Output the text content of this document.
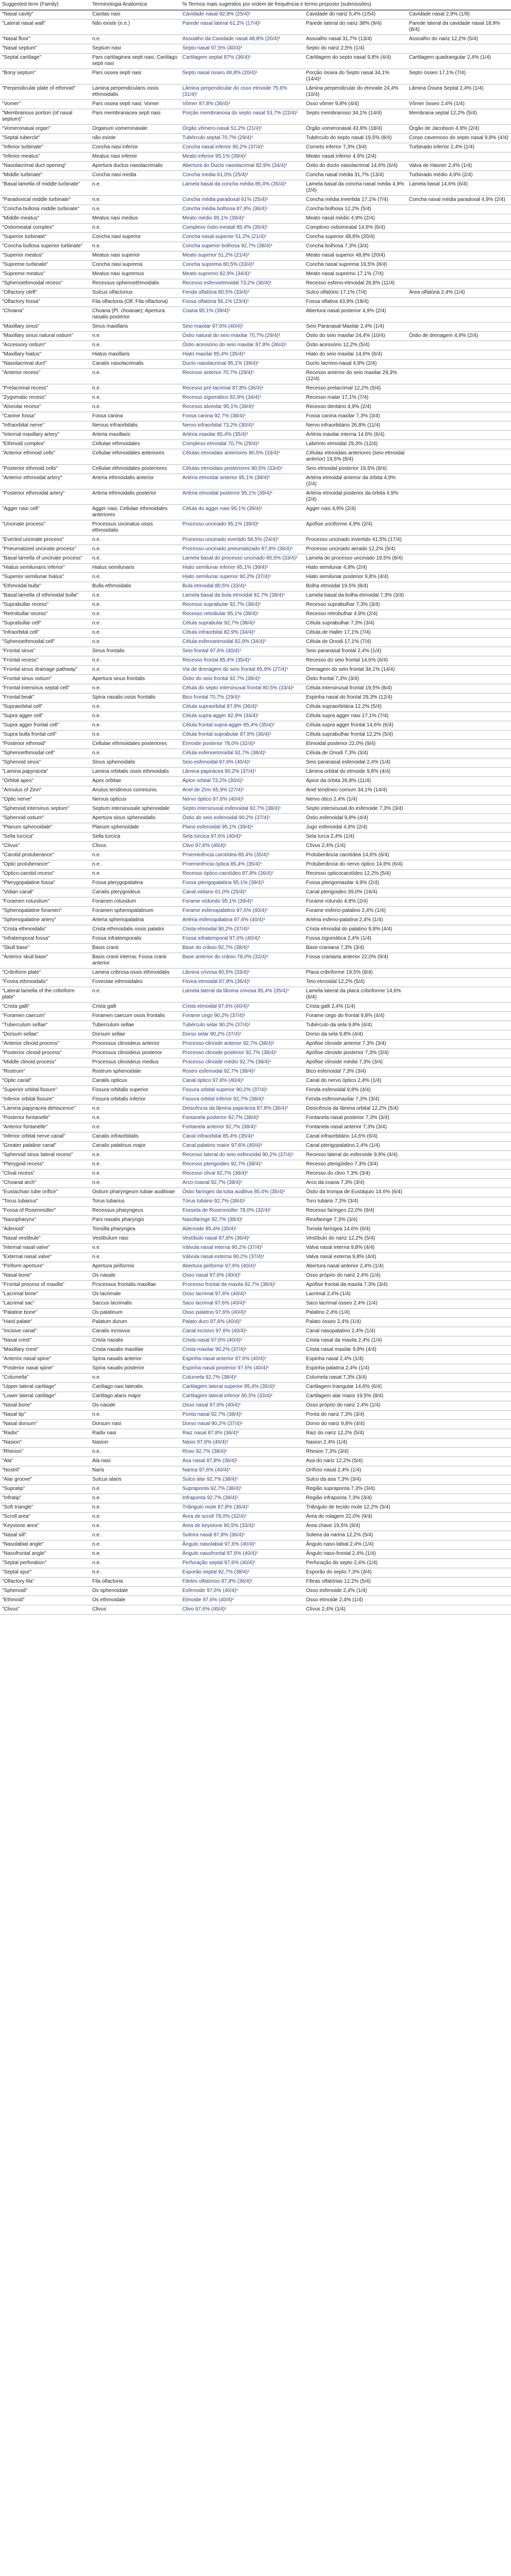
Suggested term (Family)	Terminologia Anatomica	% Termos mais sugeridos por ordem de frequência e termo proposto (submissões)		
"Nasal cavity"	Cavitas nasi	Cavidade nasal 92,9% (25/4)¹	Cavidade do nariz 5,4% (1/54)	Cavidade nasal 2,9% (1/8)
"Lateral nasal wall"	Não existe (n.e.)	Parede nasal lateral 61,2% (17/4)¹	Parede lateral do nariz 38% (9/4)	Parede lateral da cavidade nasal 18,9% (8/4)
"Nasal floor"	n.e.	Assoalho da Cavidade nasal 48,8% (20/4)¹	Assoalho nasal 31,7% (13/4)	Assoalho do nariz 12,2% (5/4)
"Nasal septum"	Septum nasi	Septo nasal 97,5% (40/4)¹	Septo do nariz 2,5% (1/4)	
"Septal cartilage"	Pars cartilaginea septi nasi; Cartilago septi nasi	Cartilagem septal 87% (36/4)¹	Cartilagem do septo nasal 9,8% (4/4)	Cartilagem quadrangular 2,4% (1/4)
"Bony septum"	Pars ossea septi nasi	Septo nasal ósseo 48,8% (20/4)¹	Porção óssea do Septo nasal 34,1% (14/4)¹	Septo ósseo 17,1% (7/4)
"Perpendicular plate of ethmoid"	Lamina perpendicularis ossis ethmoidalis	Lâmina perpendicular do osso etmoide 75,6% (31/4)¹	Lâmina perpendicular do etmoide 24,4% (10/4)	Lâmina Óssea Septal 2,4% (1/4)
"Vomer"	Pars ossea septi nasi; Vomer	Vômer 87,8% (36/4)¹	Osso vômer 9,8% (4/4)	Vômer ósseo 2,4% (1/4)
"Membranous portion (of nasal septum)"	Pars membranacea septi nasi	Porção membranosa do septo nasal 53,7% (22/4)¹	Septo membranoso 34,1% (14/4)	Membrana septal 12,2% (5/4)
"Vomeronasal organ"	Organum vomeronasale	Órgão vômero-nasal 51,2% (21/4)¹	Órgão vomeronasal 43,9% (18/4)	Órgão de Jacobson 4,9% (2/4)
"Septal tubercle"	não existe	Tubérculo septal 70,7% (29/4)¹	Tubérculo do septo nasal 19,5% (8/4)	Corpo cavernoso do septo nasal 9,8% (4/4)
"Inferior turbinate"	Concha nasi inferior	Concha nasal inferior 90,2% (37/4)¹	Corneto inferior 7,3% (3/4)	Turbinado inferior 2,4% (1/4)
"Inferior meatus"	Meatus nasi inferior	Meato inferior 95,1% (39/4)¹	Meato nasal inferior 4,9% (2/4)	
"Nasolacrimal duct opening"	Apertura ductus nasolacrimalis	Abertura do Ducto nasolacrimal 82,9% (34/4)¹	Óstio do ducto nasolacrimal 14,6% (6/4)	Valva de Hasner 2,4% (1/4)
"Middle turbinate"	Concha nasi media	Concha media 61,0% (25/4)¹	Concha nasal média 31,7% (13/4)	Turbinado médio 4,9% (2/4)
"Basal lamella of middle turbinate"	n.e.	Lamela basal da concha média 85,4% (35/4)¹	Lamela basal da concha nasal média 4,9% (2/4)	Lamela basal 14,6% (6/4)
"Paradoxical middle turbinate"	n.e.	Concha média paradoxal 61% (25/4)¹	Concha média invertida 17,1% (7/4)	Concha nasal média paradoxal 4,9% (2/4)
"Concha bullosa middle turbinate"	n.e.	Concha média bolhosa 87,8% (36/4)¹	Concha bolhosa 12,2% (5/4)	
"Middle meatus"	Meatus nasi medius	Meato médio 95,1% (39/4)¹	Meato nasal médio 4,9% (2/4)	
"Ostiomeatal complex"	n.e.	Complexo óstio-meatal 85,4% (35/4)¹	Complexo ostiomeatal 14,6% (6/4)	
"Superior turbinate"	Concha nasi superior	Concha nasal superior 51,2% (21/4)¹	Concha superior 48,8% (20/4)	
"Concha bullosa superior turbinate"	n.e.	Concha superior bolhosa 92,7% (38/4)¹	Concha bolhosa 7,3% (3/4)	
"Superior meatus"	Meatus nasi superior	Meato superior 51,2% (21/4)¹	Meato nasal superior 48,8% (20/4)	
"Supreme turbinate"	Concha nasi suprema	Concha suprema 80,5% (33/4)¹	Concha nasal suprema 19,5% (8/4)	
"Supreme meatus"	Meatus nasi supremus	Meato supremo 82,9% (34/4)¹	Meato nasal supremo 17,1% (7/4)	
"Sphenoethmoidal recess"	Recessus sphenoethmoidalis	Recesso esfenoetmoidal 73,2% (30/4)¹	Recesso esfeno-etmoidal 26,8% (11/4)	
"Olfactory cleft"	Sulcus olfactorius	Fenda olfatória 80,5% (33/4)¹	Sulco olfatório 17,1% (7/4)	Área olfatória 2,4% (1/4)
"Olfactory fossa"	Fila olfactoria (Olf. Fila olfactoria)	Fossa olfatória 56,1% (23/4)¹	Fossa olfativa 43,9% (18/4)	
"Choana"	Choana (Pl. choanae); Apertura nasalis posterior	Coana 95,1% (39/4)¹	Abertura nasal posterior 4,9% (2/4)	
"Maxillary sinus"	Sinus maxillaris	Seio maxilar 97,6% (40/4)¹	Seio Paranasal Maxilar 2,4% (1/4)	
"Maxillary sinus natural ostium"	n.e.	Óstio natural do seio maxilar 70,7% (29/4)¹	Óstio do seio maxilar 24,4% (10/4)	Óstio de drenagem 4,9% (2/4)
"Accessory ostium"	n.e.	Óstio acessório do seio maxilar 87,8% (36/4)¹	Óstio acessório 12,2% (5/4)	
"Maxillary hiatus"	Hiatus maxillaris	Hiato maxilar 85,4% (35/4)¹	Hiato do seio maxilar 14,6% (6/4)	
"Nasolacrimal duct"	Canalis nasolacrimalis	Ducto nasolacrimal 95,1% (39/4)¹	Ducto lacrimo-nasal 4,9% (2/4)	
"Anterior recess"	n.e.	Recesso anterior 70,7% (29/4)¹	Recesso anterior do seio maxilar 29,3% (12/4)	
"Prelacrimal recess"	n.e.	Recesso pré-lacrimal 87,8% (36/4)¹	Recesso prelacrimal 12,2% (5/4)	
"Zygomatic recess"	n.e.	Recesso zigomático 82,9% (34/4)¹	Recesso malar 17,1% (7/4)	
"Alveolar recess"	n.e.	Recesso alveolar 95,1% (39/4)¹	Recesso dentário 4,9% (2/4)	
"Canine fossa"	Fossa canina	Fossa canina 92,7% (38/4)¹	Fossa canina maxilar 7,3% (3/4)	
"Infraorbital nerve"	Nervus infraorbitalis	Nervo infraorbital 73,2% (30/4)¹	Nervo infraorbitário 26,8% (11/4)	
"Internal maxillary artery"	Arteria maxillaris	Artéria maxilar 85,4% (35/4)¹	Artéria maxilar interna 14,6% (6/4)	
"Ethmoid complex"	Cellulae ethmoidales	Complexo etmoidal 70,7% (29/4)¹	Labirinto etmoidal 29,3% (12/4)	
"Anterior ethmoid cells"	Cellulae ethmoidales anteriores	Células etmoidais anteriores 80,5% (33/4)¹	Células etmoidais anteriores (seio etmoidal anterior) 19,5% (8/4)	
"Posterior ethmoid cells"	Cellulae ethmoidales posteriores	Células etmoidais posteriores 80,5% (33/4)¹	Seio etmoidal posterior 19,5% (8/4)	
"Anterior ethmoidal artery"	Arteria ethmoidalis anterior	Artéria etmoidal anterior 95,1% (39/4)¹	Artéria etmoidal anterior da órbita 4,9% (2/4)	
"Posterior ethmoidal artery"	Arteria ethmoidalis posterior	Artéria etmoidal posterior 95,1% (39/4)¹	Artéria etmoidal posterior da órbita 4,9% (2/4)	
"Agger nasi cell"	Agger nasi; Cellulae ethmoidales anteriores	Célula do agger nasi 95,1% (39/4)¹	Agger nasi 4,9% (2/4)	
"Uncinate process"	Processus uncinatus ossis ethmoidalis	Processo uncinado 95,1% (39/4)¹	Apófise unciforme 4,9% (2/4)	
"Everted uncinate process"	n.e.	Processo uncinado evertido 58,5% (24/4)¹	Processo uncinado invertido 41,5% (17/4)	
"Pneumatized uncinate process"	n.e.	Processo uncinado pneumatizado 87,8% (36/4)¹	Processo uncinado aerado 12,2% (5/4)	
"Basal lamella of uncinate process"	n.e.	Lamela basal do processo uncinado 80,5% (33/4)¹	Lamela do processo uncinado 19,5% (8/4)	
"Hiatus semilunaris inferior"	Hiatus semilunaris	Hiato semilunar inferior 95,1% (39/4)¹	Hiato semilunar 4,9% (2/4)	
"Superior semilunar hiatus"	n.e.	Hiato semilunar superior 90,2% (37/4)¹	Hiato semilunar posterior 9,8% (4/4)	
"Ethmoidal bulla"	Bulla ethmoidalis	Bula etmoidal 80,5% (33/4)¹	Bolha etmoidal 19,5% (8/4)	
"Basal lamella of ethmoidal bulla"	n.e.	Lamela basal da bula etmoidal 92,7% (38/4)¹	Lamela basal da bolha etmoidal 7,3% (3/4)	
"Suprabullar recess"	n.e.	Recesso suprabular 92,7% (38/4)¹	Recesso suprabulhar 7,3% (3/4)	
"Retrobullar recess"	n.e.	Recesso retrobular 95,1% (39/4)¹	Recesso retrobulhar 4,9% (2/4)	
"Suprabullar cell"	n.e.	Célula suprabular 92,7% (38/4)¹	Célula suprabulhar 7,3% (3/4)	
"Infraorbital cell"	n.e.	Célula infraorbital 82,9% (34/4)¹	Célula de Haller 17,1% (7/4)	
"Sphenoethmoidal cell"	n.e.	Célula esfenoetmoidal 82,9% (34/4)¹	Célula de Onodi 17,1% (7/4)	
"Frontal sinus"	Sinus frontalis	Seio frontal 97,6% (40/4)¹	Seio paranasal frontal 2,4% (1/4)	
"Frontal recess"	n.e.	Recesso frontal 85,4% (35/4)¹	Recesso do seio frontal 14,6% (6/4)	
"Frontal sinus drainage pathway"	n.e.	Via de drenagem do seio frontal 65,9% (27/4)¹	Drenagem do seio frontal 34,1% (14/4)	
"Frontal sinus ostium"	Apertura sinus frontalis	Óstio do seio frontal 92,7% (38/4)¹	Óstio frontal 7,3% (3/4)	
"Frontal intersinus septal cell"	n.e.	Célula do septo intersinusal frontal 80,5% (33/4)¹	Célula intersinusal frontal 19,5% (8/4)	
"Frontal beak"	Spina nasalis ossis frontalis	Bico frontal 70,7% (29/4)¹	Espinha nasal do frontal 29,3% (12/4)	
"Supraorbital cell"	n.e.	Célula supraorbital 87,8% (36/4)¹	Célula supraorbitária 12,2% (5/4)	
"Supra agger cell"	n.e.	Célula supra-agger 82,9% (34/4)¹	Célula supra agger nasi 17,1% (7/4)	
"Supra agger frontal cell"	n.e.	Célula frontal supra-agger 85,4% (35/4)¹	Célula supra agger frontal 14,6% (6/4)	
"Supra bulla frontal cell"	n.e.	Célula frontal suprabular 87,8% (36/4)¹	Célula suprabulhar frontal 12,2% (5/4)	
"Posterior ethmoid"	Cellulae ethmoidales posteriores	Etmoide posterior 78,0% (32/4)¹	Etmoidal posterior 22,0% (9/4)	
"Sphenoethmoidal cell"	n.e.	Célula esfenoetmoidal 92,7% (38/4)¹	Célula de Onodi 7,3% (3/4)	
"Sphenoid sinus"	Sinus sphenoidalis	Seio esfenoidal 97,6% (40/4)¹	Seio paranasal esfenoidal 2,4% (1/4)	
"Lamina papyracea"	Lamina orbitalis ossis ethmoidalis	Lâmina papirácea 90,2% (37/4)¹	Lâmina orbital do etmoide 9,8% (4/4)	
"Orbital apex"	Apex orbitae	Ápice orbital 73,2% (30/4)¹	Ápice da órbita 26,8% (11/4)	
"Annulus of Zinn"	Anulus tendineus communis	Anel de Zinn 65,9% (27/4)¹	Anel tendíneo comum 34,1% (14/4)	
"Optic nerve"	Nervus opticus	Nervo óptico 97,6% (40/4)¹	Nervo ótico 2,4% (1/4)	
"Sphenoid intersinus septum"	Septum intersinusale sphenoidale	Septo intersinusal esfenoidal 92,7% (38/4)¹	Septo intersinusal do esfenoide 7,3% (3/4)	
"Sphenoid ostium"	Apertura sinus sphenoidalis	Óstio do seio esfenoidal 90,2% (37/4)¹	Óstio esfenoidal 9,8% (4/4)	
"Planum sphenoidale"	Planum sphenoidale	Plano esfenoidal 95,1% (39/4)¹	Jugo esfenoidal 4,9% (2/4)	
"Sella turcica"	Sella turcica	Sela túrcica 97,6% (40/4)¹	Sela turca 2,4% (1/4)	
"Clivus"	Clivus	Clivo 97,6% (40/4)¹	Clívus 2,4% (1/4)	
"Carotid protuberance"	n.e.	Proeminência carotídea 85,4% (35/4)¹	Protuberância carotídea 14,6% (6/4)	
"Optic protuberance"	n.e.	Proeminência óptica 85,4% (35/4)¹	Protuberância do nervo óptico 14,6% (6/4)	
"Optico-carotid recess"	n.e.	Recesso óptico-carotídeo 87,8% (36/4)¹	Recesso opticocarotídeo 12,2% (5/4)	
"Pterygopalatine fossa"	Fossa pterygopalatina	Fossa pterigopalatina 95,1% (39/4)¹	Fossa pterigomaxilar 4,9% (2/4)	
"Vidian canal"	Canalis pterygoideus	Canal vidiano 61,0% (25/4)¹	Canal pterigoideo 39,0% (16/4)	
"Foramen rotundum"	Foramen rotundum	Forame redondo 95,1% (39/4)¹	Forame rotundo 4,9% (2/4)	
"Sphenopalatine foramen"	Foramen sphenopalatinum	Forame esfenopalatino 97,6% (40/4)¹	Forame esfeno-palatino 2,4% (1/4)	
"Sphenopalatine artery"	Arteria sphenopalatina	Artéria esfenopalatina 97,6% (40/4)¹	Artéria esfeno-palatina 2,4% (1/4)	
"Crista ethmoidalis"	Crista ethmoidalis ossis palatini	Crista etmoidal 90,2% (37/4)¹	Crista etmoidal do palatino 9,8% (4/4)	
"Infratemporal fossa"	Fossa infratemporalis	Fossa infratemporal 97,6% (40/4)¹	Fossa zigomática 2,4% (1/4)	
"Skull base"	Basis cranii	Base do crânio 92,7% (38/4)¹	Base craniana 7,3% (3/4)	
"Anterior skull base"	Basis cranii interna; Fossa cranii anterior	Base anterior do crânio 78,0% (32/4)¹	Fossa craniana anterior 22,0% (9/4)	
"Cribriform plate"	Lamina cribrosa ossis ethmoidalis	Lâmina crivosa 80,5% (33/4)¹	Placa cribriforme 19,5% (8/4)	
"Fovea ethmoidalis"	Foveolae ethmoidales	Fóvea etmoidal 87,8% (36/4)¹	Teto etmoidal 12,2% (5/4)	
"Lateral lamella of the cribriform plate"	n.e.	Lamela lateral da lâmina crivosa 85,4% (35/4)¹	Lamela lateral da placa cribriforme 14,6% (6/4)	
"Crista galli"	Crista galli	Crista etmoidal 97,6% (40/4)¹	Crista galli 2,4% (1/4)	
"Foramen caecum"	Foramen caecum ossis frontalis	Forame cego 90,2% (37/4)¹	Forame cego do frontal 9,8% (4/4)	
"Tuberculum sellae"	Tuberculum sellae	Tubérculo selar 90,2% (37/4)¹	Tubérculo da sela 9,8% (4/4)	
"Dorsum sellae"	Dorsum sellae	Dorso selar 90,2% (37/4)¹	Dorso da sela 9,8% (4/4)	
"Anterior clinoid process"	Processus clinoideus anterior	Processo clinoide anterior 92,7% (38/4)¹	Apófise clinoide anterior 7,3% (3/4)	
"Posterior clinoid process"	Processus clinoideus posterior	Processo clinoide posterior 92,7% (38/4)¹	Apófise clinoide posterior 7,3% (3/4)	
"Middle clinoid process"	Processus clinoideus medius	Processo clinoide médio 92,7% (38/4)¹	Apófise clinoide média 7,3% (3/4)	
"Rostrum"	Rostrum sphenoidale	Rostro esfenoidal 92,7% (38/4)¹	Bico esfenoidal 7,3% (3/4)	
"Optic canal"	Canalis opticus	Canal óptico 97,6% (40/4)¹	Canal do nervo óptico 2,4% (1/4)	
"Superior orbital fissure"	Fissura orbitalis superior	Fissura orbital superior 90,2% (37/4)¹	Fenda esfenoidal 9,8% (4/4)	
"Inferior orbital fissure"	Fissura orbitalis inferior	Fissura orbital inferior 92,7% (38/4)¹	Fenda esfenomaxilar 7,3% (3/4)	
"Lamina papyracea dehiscence"	n.e.	Deiscência da lâmina papirácea 87,8% (36/4)¹	Deiscência da lâmina orbital 12,2% (5/4)	
"Posterior fontanelle"	n.e.	Fontanela posterior 92,7% (38/4)¹	Fontanela nasal posterior 7,3% (3/4)	
"Anterior fontanelle"	n.e.	Fontanela anterior 92,7% (38/4)¹	Fontanela nasal anterior 7,3% (3/4)	
"Inferior orbital nerve canal"	Canalis infraorbitalis	Canal infraorbital 85,4% (35/4)¹	Canal infraorbitário 14,6% (6/4)	
"Greater palatine canal"	Canalis palatinus major	Canal palatino maior 97,6% (40/4)¹	Canal pterigopalatino 2,4% (1/4)	
"Sphenoid sinus lateral recess"	n.e.	Recesso lateral do seio esfenoidal 90,2% (37/4)¹	Recesso lateral do esfenoide 9,8% (4/4)	
"Pterygoid recess"	n.e.	Recesso pterigoideo 92,7% (38/4)¹	Recesso pterigóideo 7,3% (3/4)	
"Clival recess"	n.e.	Recesso clival 92,7% (38/4)¹	Recesso do clivo 7,3% (3/4)	
"Choanal arch"	n.e.	Arco coanal 92,7% (38/4)¹	Arco da coana 7,3% (3/4)	
"Eustachian tube orifice"	Ostium pharyngeum tubae auditivae	Óstio faríngeo da tuba auditiva 85,4% (35/4)¹	Óstio da trompa de Eustáquio 14,6% (6/4)	
"Torus tubarius"	Torus tubarius	Tórus tubário 92,7% (38/4)¹	Toro tubário 7,3% (3/4)	
"Fossa of Rosenmüller"	Recessus pharyngeus	Fosseta de Rosenmüller 78,0% (32/4)¹	Recesso faríngeo 22,0% (9/4)	
"Nasopharynx"	Pars nasalis pharyngis	Nasofaringe 92,7% (38/4)¹	Rinofaringe 7,3% (3/4)	
"Adenoid"	Tonsilla pharyngea	Adenoide 85,4% (35/4)¹	Tonsila faríngea 14,6% (6/4)	
"Nasal vestibule"	Vestibulum nasi	Vestíbulo nasal 87,8% (36/4)¹	Vestíbulo do nariz 12,2% (5/4)	
"Internal nasal valve"	n.e.	Válvula nasal interna 90,2% (37/4)¹	Valva nasal interna 9,8% (4/4)	
"External nasal valve"	n.e.	Válvula nasal externa 90,2% (37/4)¹	Valva nasal externa 9,8% (4/4)	
"Piriform aperture"	Apertura piriformis	Abertura piriforme 97,6% (40/4)¹	Abertura nasal anterior 2,4% (1/4)	
"Nasal bone"	Os nasale	Osso nasal 97,6% (40/4)¹	Osso próprio do nariz 2,4% (1/4)	
"Frontal process of maxilla"	Processus frontalis maxillae	Processo frontal da maxila 92,7% (38/4)¹	Apófise frontal da maxila 7,3% (3/4)	
"Lacrimal bone"	Os lacrimale	Osso lacrimal 97,6% (40/4)¹	Lacrimal 2,4% (1/4)	
"Lacrimal sac"	Saccus lacrimalis	Saco lacrimal 97,6% (40/4)¹	Saco lacrimal ósseo 2,4% (1/4)	
"Palatine bone"	Os palatinum	Osso palatino 97,6% (40/4)¹	Palatino 2,4% (1/4)	
"Hard palate"	Palatum durum	Palato duro 97,6% (40/4)¹	Palato ósseo 2,4% (1/4)	
"Incisive canal"	Canalis incisivus	Canal incisivo 97,6% (40/4)¹	Canal nasopalatino 2,4% (1/4)	
"Nasal crest"	Crista nasalis	Crista nasal 97,6% (40/4)¹	Crista nasal da maxila 2,4% (1/4)	
"Maxillary crest"	Crista nasalis maxillae	Crista maxilar 90,2% (37/4)¹	Crista nasal maxilar 9,8% (4/4)	
"Anterior nasal spine"	Spina nasalis anterior	Espinha nasal anterior 97,6% (40/4)¹	Espinha nasal 2,4% (1/4)	
"Posterior nasal spine"	Spina nasalis posterior	Espinha nasal posterior 97,6% (40/4)¹	Espinha palatina 2,4% (1/4)	
"Columella"	n.e.	Columela 92,7% (38/4)¹	Columela nasal 7,3% (3/4)	
"Upper lateral cartilage"	Cartilago nasi lateralis	Cartilagem lateral superior 85,4% (35/4)¹	Cartilagem triangular 14,6% (6/4)	
"Lower lateral cartilage"	Cartilago alaris major	Cartilagem lateral inferior 80,5% (33/4)¹	Cartilagem alar maior 19,5% (8/4)	
"Nasal bone"	Os nasale	Osso nasal 97,6% (40/4)¹	Osso próprio do nariz 2,4% (1/4)	
"Nasal tip"	n.e.	Ponta nasal 92,7% (38/4)¹	Ponta do nariz 7,3% (3/4)	
"Nasal dorsum"	Dorsum nasi	Dorso nasal 90,2% (37/4)¹	Dorso do nariz 9,8% (4/4)	
"Radix"	Radix nasi	Raiz nasal 87,8% (36/4)¹	Raiz do nariz 12,2% (5/4)	
"Nasion"	Nasion	Násio 97,6% (40/4)¹	Nasion 2,4% (1/4)	
"Rhinion"	n.e.	Rínio 92,7% (38/4)¹	Rhinion 7,3% (3/4)	
"Ala"	Ala nasi	Asa nasal 87,8% (36/4)¹	Asa do nariz 12,2% (5/4)	
"Nostril"	Naris	Narina 97,6% (40/4)¹	Orifício nasal 2,4% (1/4)	
"Alar groove"	Sulcus alaris	Sulco alar 92,7% (38/4)¹	Sulco da asa 7,3% (3/4)	
"Supratip"	n.e.	Supraponta 92,7% (38/4)¹	Região supraponta 7,3% (3/4)	
"Infratip"	n.e.	Infraponta 92,7% (38/4)¹	Região infraponta 7,3% (3/4)	
"Soft triangle"	n.e.	Triângulo mole 87,8% (36/4)¹	Triângulo de tecido mole 12,2% (5/4)	
"Scroll area"	n.e.	Área de scroll 78,0% (32/4)¹	Área de rolagem 22,0% (9/4)	
"Keystone area"	n.e.	Área de keystone 80,5% (33/4)¹	Área chave 19,5% (8/4)	
"Nasal sill"	n.e.	Soleira nasal 87,8% (36/4)¹	Soleira da narina 12,2% (5/4)	
"Nasolabial angle"	n.e.	Ângulo nasolabial 97,6% (40/4)¹	Ângulo naso-labial 2,4% (1/4)	
"Nasofrontal angle"	n.e.	Ângulo nasofrontal 97,6% (40/4)¹	Ângulo naso-frontal 2,4% (1/4)	
"Septal perforation"	n.e.	Perfuração septal 97,6% (40/4)¹	Perfuração do septo 2,4% (1/4)	
"Septal spur"	n.e.	Esporão septal 92,7% (38/4)¹	Esporão do septo 7,3% (3/4)	
"Olfactory fila"	Fila olfactoria	Filetes olfatórios 87,8% (36/4)¹	Fibras olfatórias 12,2% (5/4)	
"Sphenoid"	Os sphenoidale	Esfenoide 97,6% (40/4)¹	Osso esfenoide 2,4% (1/4)	
"Ethmoid"	Os ethmoidale	Etmoide 97,6% (40/4)¹	Osso etmoide 2,4% (1/4)	
"Clivus"	Clivus	Clivo 97,6% (40/4)¹	Clívus 2,4% (1/4)	
